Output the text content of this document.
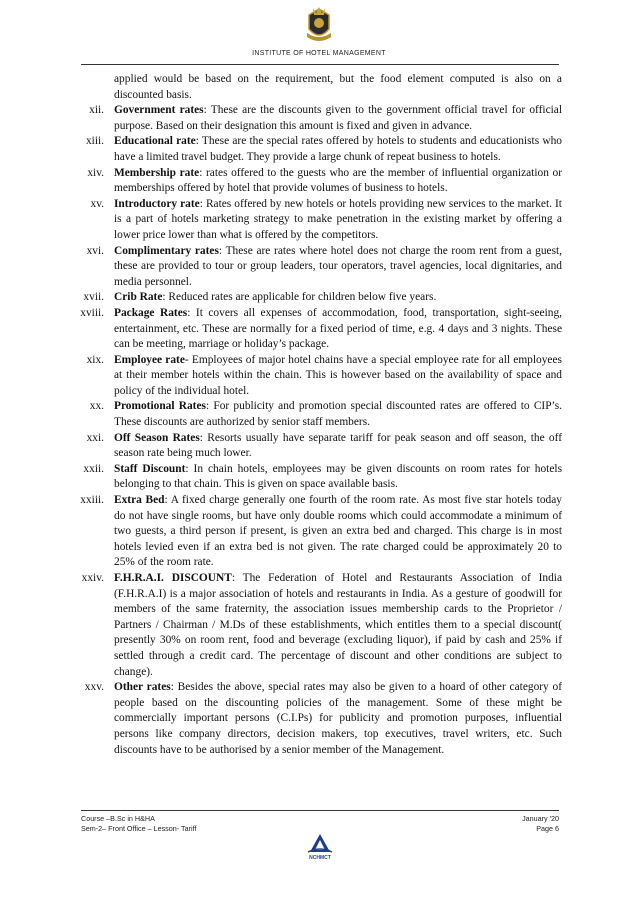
INSTITUTE OF HOTEL MANAGEMENT
applied would be based on the requirement, but the food element computed is also on a discounted basis.
xii. Government rates: These are the discounts given to the government official travel for official purpose. Based on their designation this amount is fixed and given in advance.
xiii. Educational rate: These are the special rates offered by hotels to students and educationists who have a limited travel budget. They provide a large chunk of repeat business to hotels.
xiv. Membership rate: rates offered to the guests who are the member of influential organization or memberships offered by hotel that provide volumes of business to hotels.
xv. Introductory rate: Rates offered by new hotels or hotels providing new services to the market. It is a part of hotels marketing strategy to make penetration in the existing market by offering a lower price lower than what is offered by the competitors.
xvi. Complimentary rates: These are rates where hotel does not charge the room rent from a guest, these are provided to tour or group leaders, tour operators, travel agencies, local dignitaries, and media personnel.
xvii. Crib Rate: Reduced rates are applicable for children below five years.
xviii. Package Rates: It covers all expenses of accommodation, food, transportation, sight-seeing, entertainment, etc. These are normally for a fixed period of time, e.g. 4 days and 3 nights. These can be meeting, marriage or holiday’s package.
xix. Employee rate- Employees of major hotel chains have a special employee rate for all employees at their member hotels within the chain. This is however based on the availability of space and policy of the individual hotel.
xx. Promotional Rates: For publicity and promotion special discounted rates are offered to CIP’s. These discounts are authorized by senior staff members.
xxi. Off Season Rates: Resorts usually have separate tariff for peak season and off season, the off season rate being much lower.
xxii. Staff Discount: In chain hotels, employees may be given discounts on room rates for hotels belonging to that chain. This is given on space available basis.
xxiii. Extra Bed: A fixed charge generally one fourth of the room rate. As most five star hotels today do not have single rooms, but have only double rooms which could accommodate a minimum of two guests, a third person if present, is given an extra bed and charged. This charge is in most hotels levied even if an extra bed is not given. The rate charged could be approximately 20 to 25% of the room rate.
xxiv. F.H.R.A.I. DISCOUNT: The Federation of Hotel and Restaurants Association of India (F.H.R.A.I) is a major association of hotels and restaurants in India. As a gesture of goodwill for members of the same fraternity, the association issues membership cards to the Proprietor / Partners / Chairman / M.Ds of these establishments, which entitles them to a special discount( presently 30% on room rent, food and beverage (excluding liquor), if paid by cash and 25% if settled through a credit card. The percentage of discount and other conditions are subject to change).
xxv. Other rates: Besides the above, special rates may also be given to a hoard of other category of people based on the discounting policies of the management. Some of these might be commercially important persons (C.I.Ps) for publicity and promotion purposes, influential persons like company directors, decision makers, top executives, travel writers, etc. Such discounts have to be authorised by a senior member of the Management.
Course –B.Sc in H&HA
Sem-2– Front Office – Lesson- Tariff
January '20
Page 6
NCHMCT
